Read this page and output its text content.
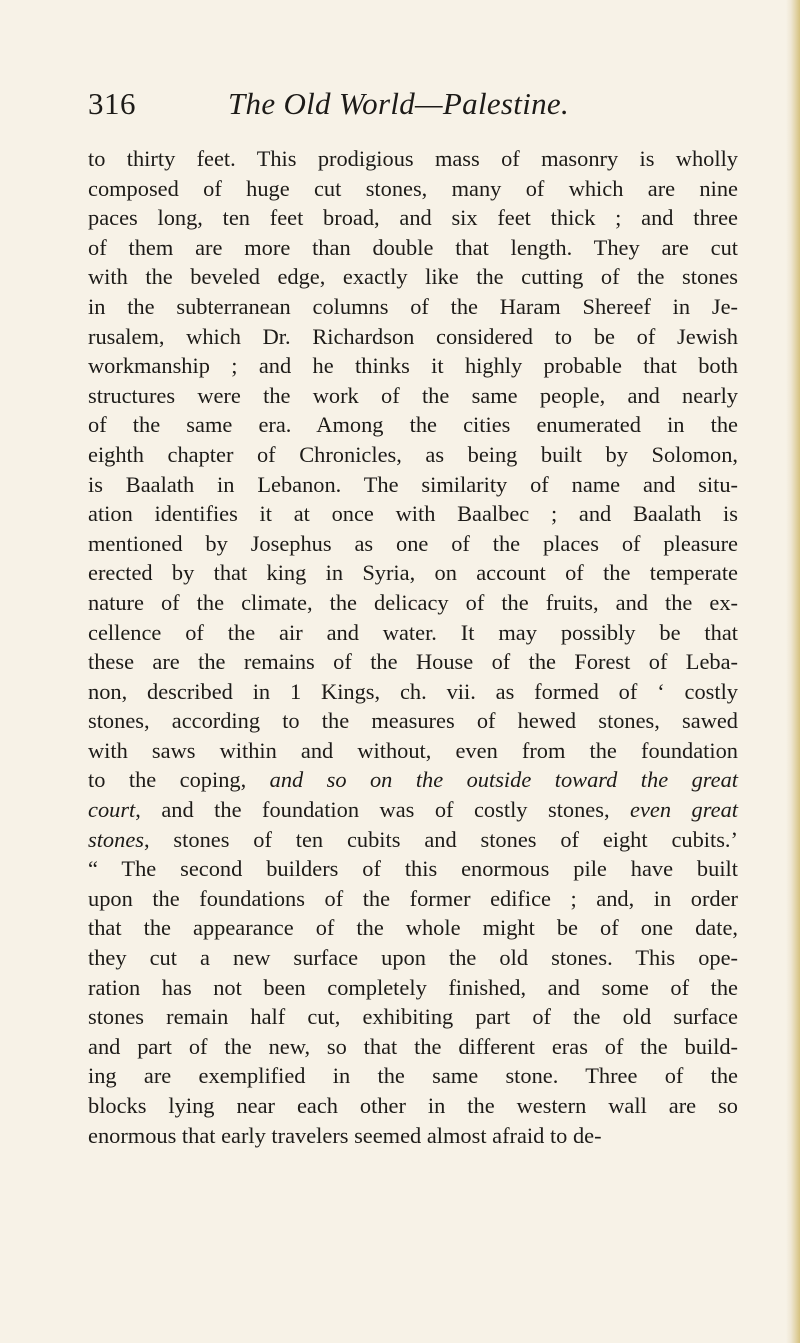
316	The Old World—Palestine.
to thirty feet. This prodigious mass of masonry is wholly
composed of huge cut stones, many of which are nine
paces long, ten feet broad, and six feet thick ; and three
of them are more than double that length. They are cut
with the beveled edge, exactly like the cutting of the stones
in the subterranean columns of the Haram Shereef in Je-
rusalem, which Dr. Richardson considered to be of Jewish
workmanship ; and he thinks it highly probable that both
structures were the work of the same people, and nearly
of the same era. Among the cities enumerated in the
eighth chapter of Chronicles, as being built by Solomon,
is Baalath in Lebanon. The similarity of name and situ-
ation identifies it at once with Baalbec ; and Baalath is
mentioned by Josephus as one of the places of pleasure
erected by that king in Syria, on account of the temperate
nature of the climate, the delicacy of the fruits, and the ex-
cellence of the air and water. It may possibly be that
these are the remains of the House of the Forest of Leba-
non, described in 1 Kings, ch. vii. as formed of ‘ costly
stones, according to the measures of hewed stones, sawed
with saws within and without, even from the foundation
to the coping, and so on the outside toward the great
court, and the foundation was of costly stones, even great
stones, stones of ten cubits and stones of eight cubits.’
“ The second builders of this enormous pile have built
upon the foundations of the former edifice ; and, in order
that the appearance of the whole might be of one date,
they cut a new surface upon the old stones. This ope-
ration has not been completely finished, and some of the
stones remain half cut, exhibiting part of the old surface
and part of the new, so that the different eras of the build-
ing are exemplified in the same stone. Three of the
blocks lying near each other in the western wall are so
enormous that early travelers seemed almost afraid to de-
